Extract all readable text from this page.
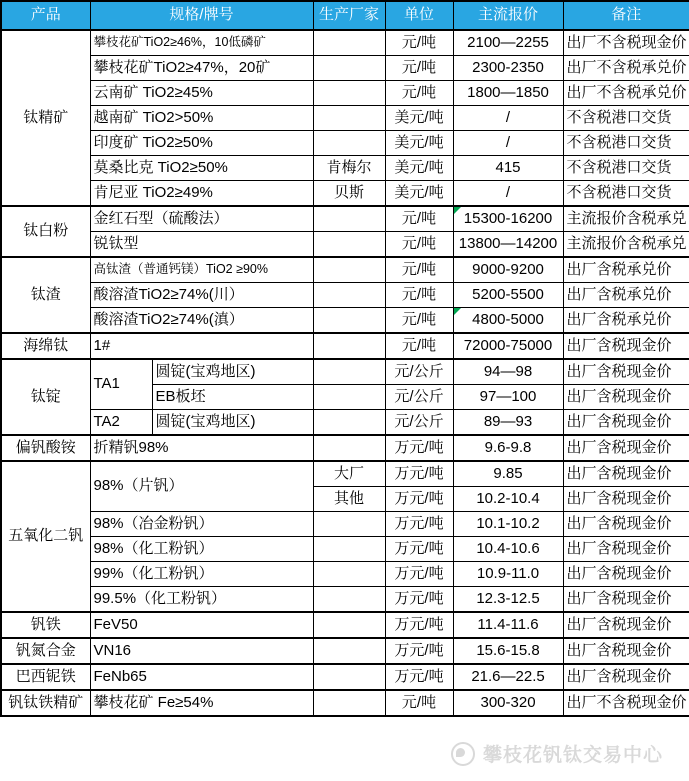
产品	规格/牌号		生产厂家	单位	主流报价	备注
钛精矿	攀枝花矿TiO2≥46%，10低磷矿			元/吨	2100—2255	出厂不含税现金价
	攀枝花矿TiO2≥47%，20矿			元/吨	2300-2350	出厂不含税承兑价
	云南矿 TiO2≥45%			元/吨	1800—1850	出厂不含税承兑价
	越南矿 TiO2>50%			美元/吨	/	不含税港口交货
	印度矿 TiO2≥50%			美元/吨	/	不含税港口交货
	莫桑比克 TiO2≥50%		肯梅尔	美元/吨	415	不含税港口交货
	肯尼亚 TiO2≥49%		贝斯	美元/吨	/	不含税港口交货
钛白粉	金红石型（硫酸法）			元/吨	15300-16200	主流报价含税承兑
	锐钛型			元/吨	13800—14200	主流报价含税承兑
钛渣	高钛渣（普通钙镁）TiO2 ≥90%			元/吨	9000-9200	出厂含税承兑价
	酸溶渣TiO2≥74%(川）			元/吨	5200-5500	出厂含税承兑价
	酸溶渣TiO2≥74%(滇）			元/吨	4800-5000	出厂含税承兑价
海绵钛	1#			元/吨	72000-75000	出厂含税现金价
钛锭	TA1	圆锭(宝鸡地区)		元/公斤	94—98	出厂含税现金价
		EB板坯		元/公斤	97—100	出厂含税现金价
	TA2	圆锭(宝鸡地区)		元/公斤	89—93	出厂含税现金价
偏钒酸铵	折精钒98%			万元/吨	9.6-9.8	出厂含税现金价
五氧化二钒	98%（片钒）		大厂	万元/吨	9.85	出厂含税现金价
			其他	万元/吨	10.2-10.4	出厂含税现金价
	98%（冶金粉钒）			万元/吨	10.1-10.2	出厂含税现金价
	98%（化工粉钒）			万元/吨	10.4-10.6	出厂含税现金价
	99%（化工粉钒）			万元/吨	10.9-11.0	出厂含税现金价
	99.5%（化工粉钒）			万元/吨	12.3-12.5	出厂含税现金价
钒铁	FeV50			万元/吨	11.4-11.6	出厂含税现金价
钒氮合金	VN16			万元/吨	15.6-15.8	出厂含税现金价
巴西铌铁	FeNb65			万元/吨	21.6—22.5	出厂含税现金价
钒钛铁精矿	攀枝花矿 Fe≥54%			元/吨	300-320	出厂不含税现金价
攀枝花钒钛交易中心
